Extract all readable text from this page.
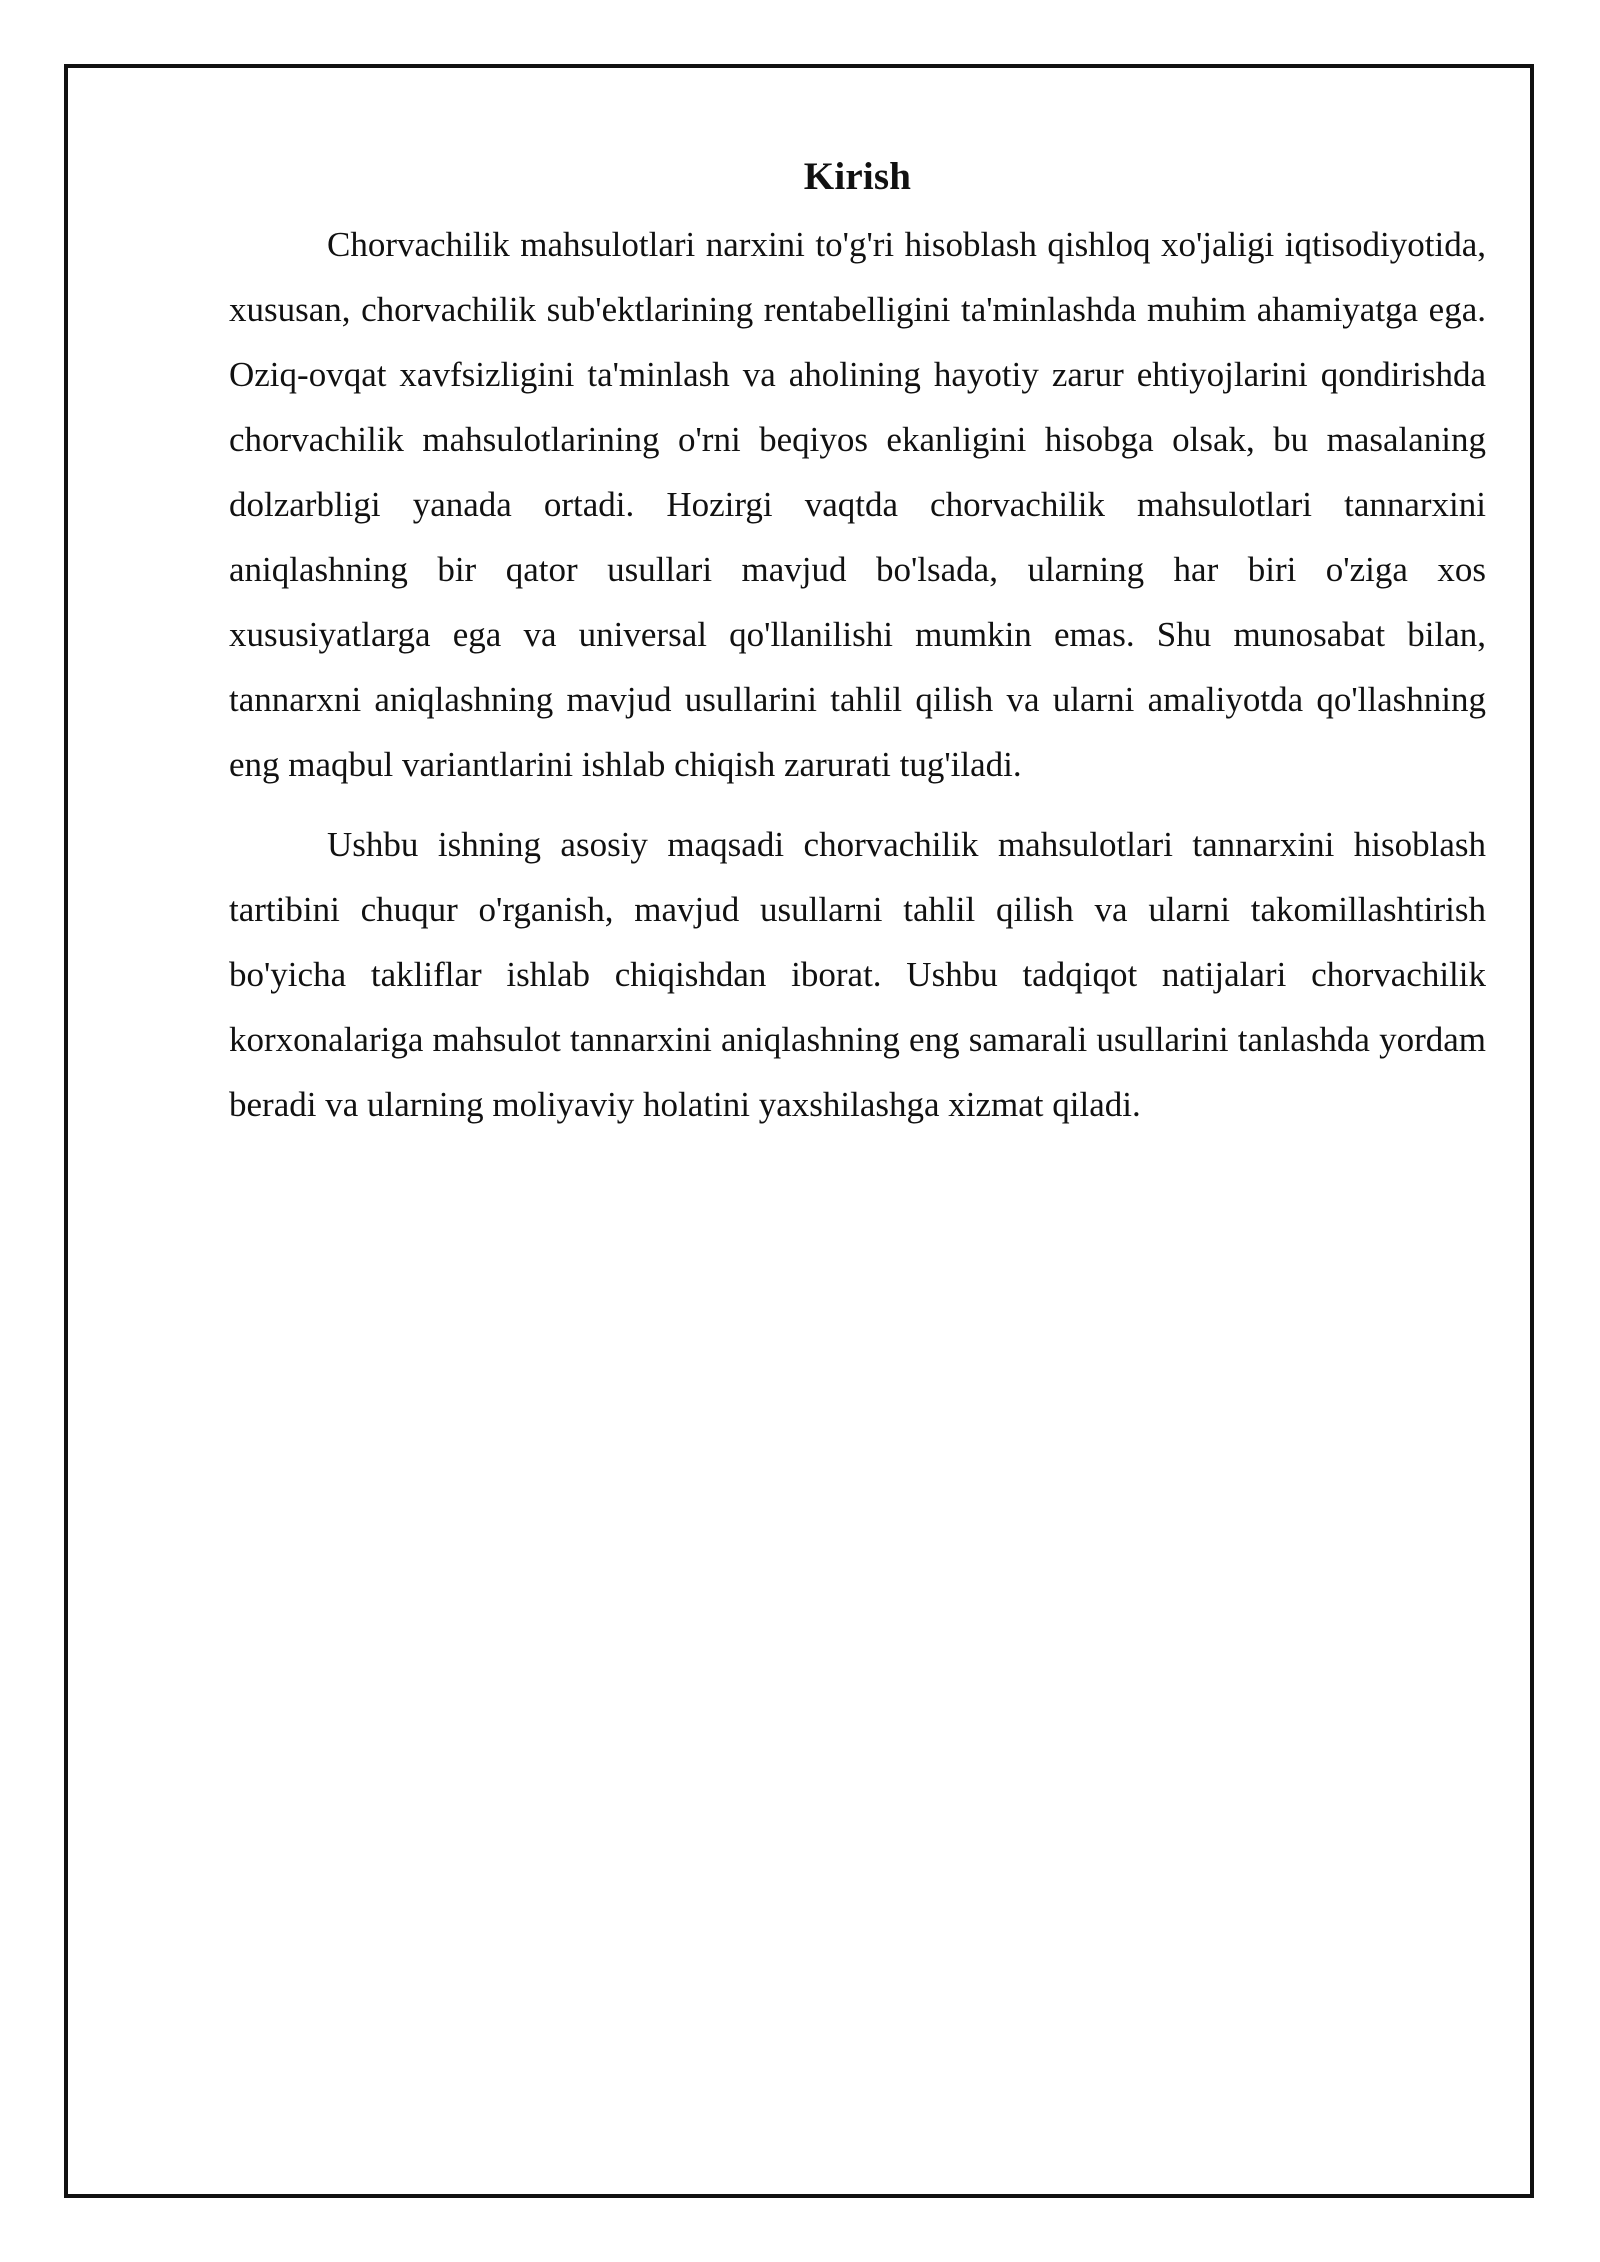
Kirish

Chorvachilik mahsulotlari narxini to'g'ri hisoblash qishloq xo'jaligi iqtisodiyotida, xususan, chorvachilik sub'ektlarining rentabelligini ta'minlashda muhim ahamiyatga ega. Oziq-ovqat xavfsizligini ta'minlash va aholining hayotiy zarur ehtiyojlarini qondirishda chorvachilik mahsulotlarining o'rni beqiyos ekanligini hisobga olsak, bu masalaning dolzarbligi yanada ortadi. Hozirgi vaqtda chorvachilik mahsulotlari tannarxini aniqlashning bir qator usullari mavjud bo'lsada, ularning har biri o'ziga xos xususiyatlarga ega va universal qo'llanilishi mumkin emas. Shu munosabat bilan, tannarxni aniqlashning mavjud usullarini tahlil qilish va ularni amaliyotda qo'llashning eng maqbul variantlarini ishlab chiqish zarurati tug'iladi.

Ushbu ishning asosiy maqsadi chorvachilik mahsulotlari tannarxini hisoblash tartibini chuqur o'rganish, mavjud usullarni tahlil qilish va ularni takomillashtirish bo'yicha takliflar ishlab chiqishdan iborat. Ushbu tadqiqot natijalari chorvachilik korxonalariga mahsulot tannarxini aniqlashning eng samarali usullarini tanlashda yordam beradi va ularning moliyaviy holatini yaxshilashga xizmat qiladi.
